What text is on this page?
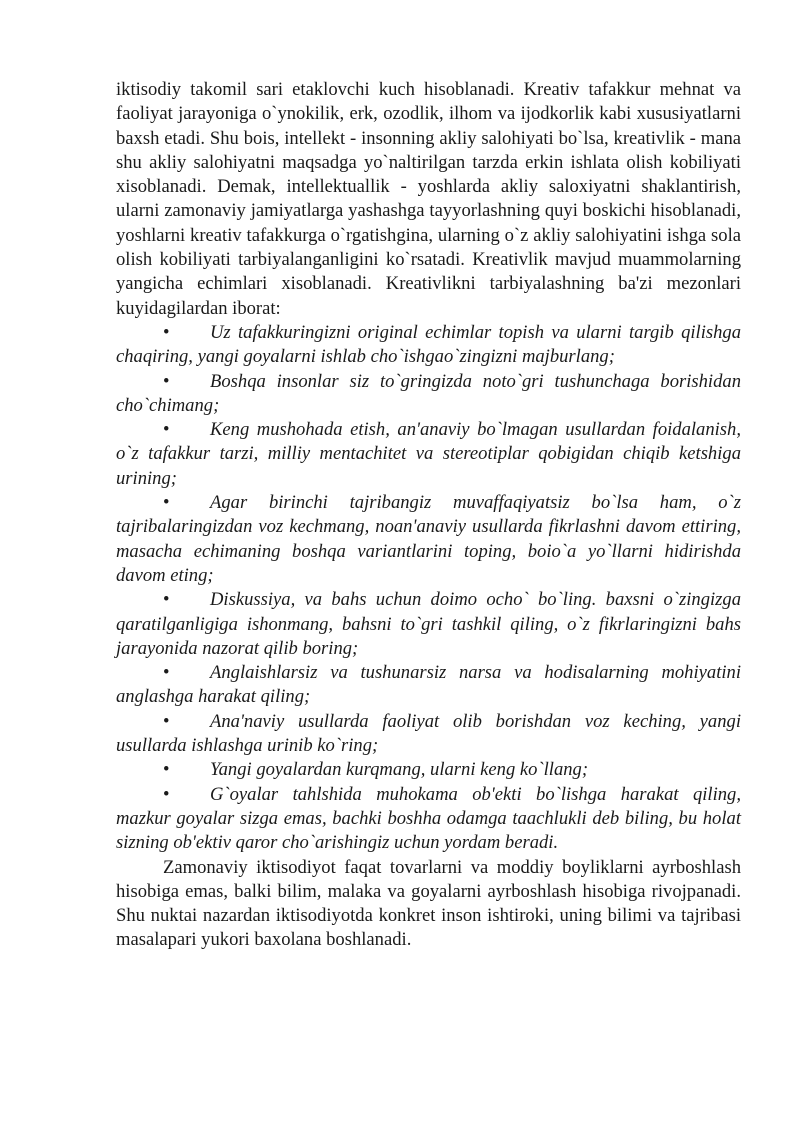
iktisodiy takomil sari etaklovchi kuch hisoblanadi. Kreativ tafakkur mehnat va faoliyat jarayoniga o`ynokilik, erk, ozodlik, ilhom va ijodkorlik kabi xususiyatlarni baxsh etadi. Shu bois, intellekt - insonning akliy salohiyati bo`lsa, kreativlik - mana shu akliy salohiyatni maqsadga yo`naltirilgan tarzda erkin ishlata olish kobiliyati xisoblanadi. Demak, intellektuallik - yoshlarda akliy saloxiyatni shaklantirish, ularni zamonaviy jamiyatlarga yashashga tayyorlashning quyi boskichi hisoblanadi, yoshlarni kreativ tafakkurga o`rgatishgina, ularning o`z akliy salohiyatini ishga sola olish kobiliyati tarbiyalanganligini ko`rsatadi. Kreativlik mavjud muammolarning yangicha echimlari xisoblanadi. Kreativlikni tarbiyalashning ba'zi mezonlari kuyidagilardan iborat:

• Uz tafakkuringizni original echimlar topish va ularni targib qilishga chaqiring, yangi goyalarni ishlab cho`ishgao`zingizni majburlang;

• Boshqa insonlar siz to`gringizda noto`gri tushunchaga borishidan cho`chimang;

• Keng mushohada etish, an'anaviy bo`lmagan usullardan foidalanish, o`z tafakkur tarzi, milliy mentachitet va stereotiplar qobigidan chiqib ketshiga urining;

• Agar birinchi tajribangiz muvaffaqiyatsiz bo`lsa ham, o`z tajribalaringizdan voz kechmang, noan'anaviy usullarda fikrlashni davom ettiring, masacha echimaning boshqa variantlarini toping, boio`a yo`llarni hidirishda davom eting;

• Diskussiya, va bahs uchun doimo ocho` bo`ling. baxsni o`zingizga qaratilganligiga ishonmang, bahsni to`gri tashkil qiling, o`z fikrlaringizni bahs jarayonida nazorat qilib boring;

• Anglaishlarsiz va tushunarsiz narsa va hodisalarning mohiyatini anglashga harakat qiling;

• Ana'naviy usullarda faoliyat olib borishdan voz keching, yangi usullarda ishlashga urinib ko`ring;

• Yangi goyalardan kurqmang, ularni keng ko`llang;

• G`oyalar tahlshida muhokama ob'ekti bo`lishga harakat qiling, mazkur goyalar sizga emas, bachki boshha odamga taachlukli deb biling, bu holat sizning ob'ektiv qaror cho`arishingiz uchun yordam beradi.

Zamonaviy iktisodiyot faqat tovarlarni va moddiy boyliklarni ayrboshlash hisobiga emas, balki bilim, malaka va goyalarni ayrboshlash hisobiga rivojpanadi. Shu nuktai nazardan iktisodiyotda konkret inson ishtiroki, uning bilimi va tajribasi masalapari yukori baxolana boshlanadi.
